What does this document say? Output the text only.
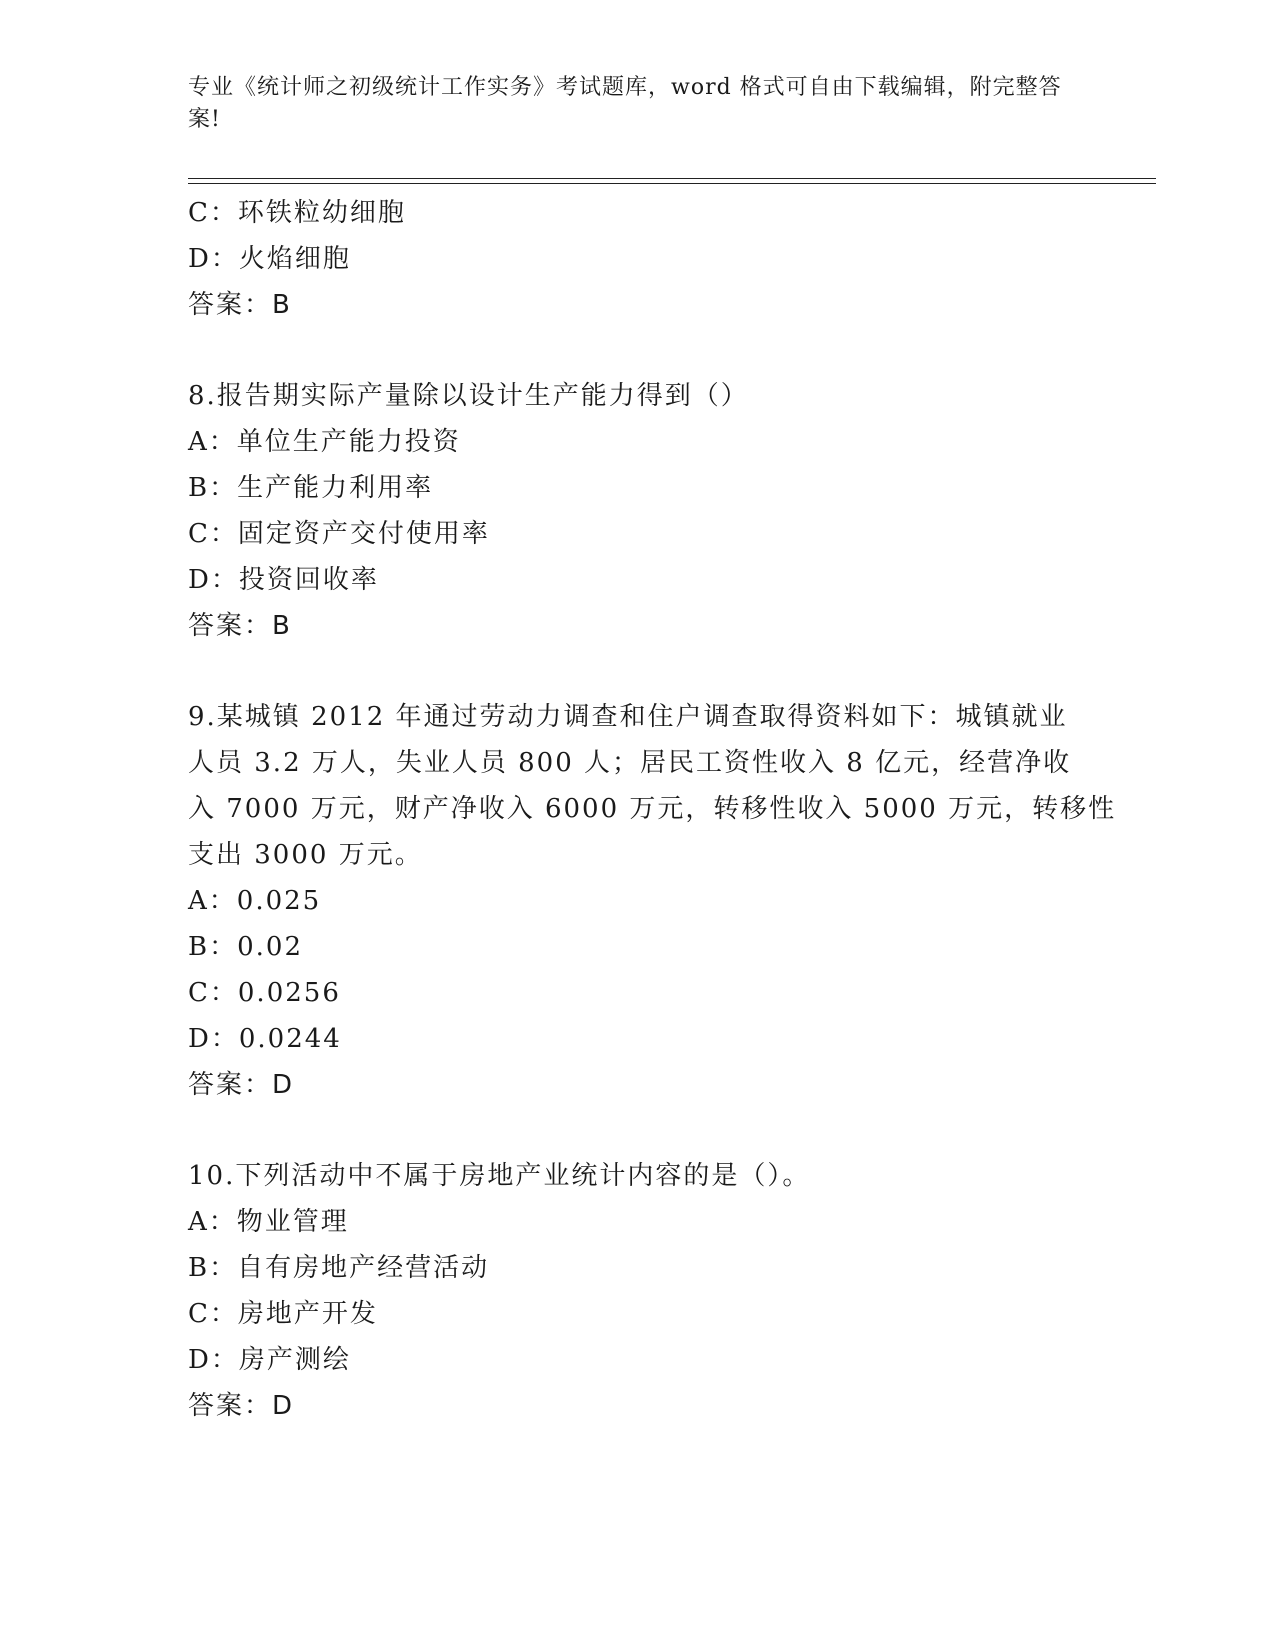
专业《统计师之初级统计工作实务》考试题库，word 格式可自由下载编辑，附完整答案!
C：环铁粒幼细胞
D：火焰细胞
答案：B
8.报告期实际产量除以设计生产能力得到（）
A：单位生产能力投资
B：生产能力利用率
C：固定资产交付使用率
D：投资回收率
答案：B
9.某城镇 2012 年通过劳动力调查和住户调查取得资料如下：城镇就业
人员 3.2 万人，失业人员 800 人；居民工资性收入 8 亿元，经营净收
入 7000 万元，财产净收入 6000 万元，转移性收入 5000 万元，转移性
支出 3000 万元。
A：0.025
B：0.02
C：0.0256
D：0.0244
答案：D
10.下列活动中不属于房地产业统计内容的是（）。
A：物业管理
B：自有房地产经营活动
C：房地产开发
D：房产测绘
答案：D
